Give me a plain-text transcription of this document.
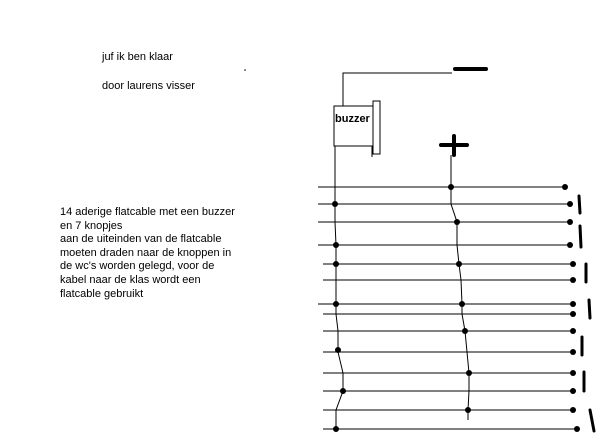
juf ik ben klaar
door laurens visser
14 aderige flatcable met een buzzer
en 7 knopjes
aan de uiteinden van de flatcable
moeten draden naar de knoppen in
de wc's worden gelegd, voor de
kabel naar de klas wordt een
flatcable gebruikt
buzzer
